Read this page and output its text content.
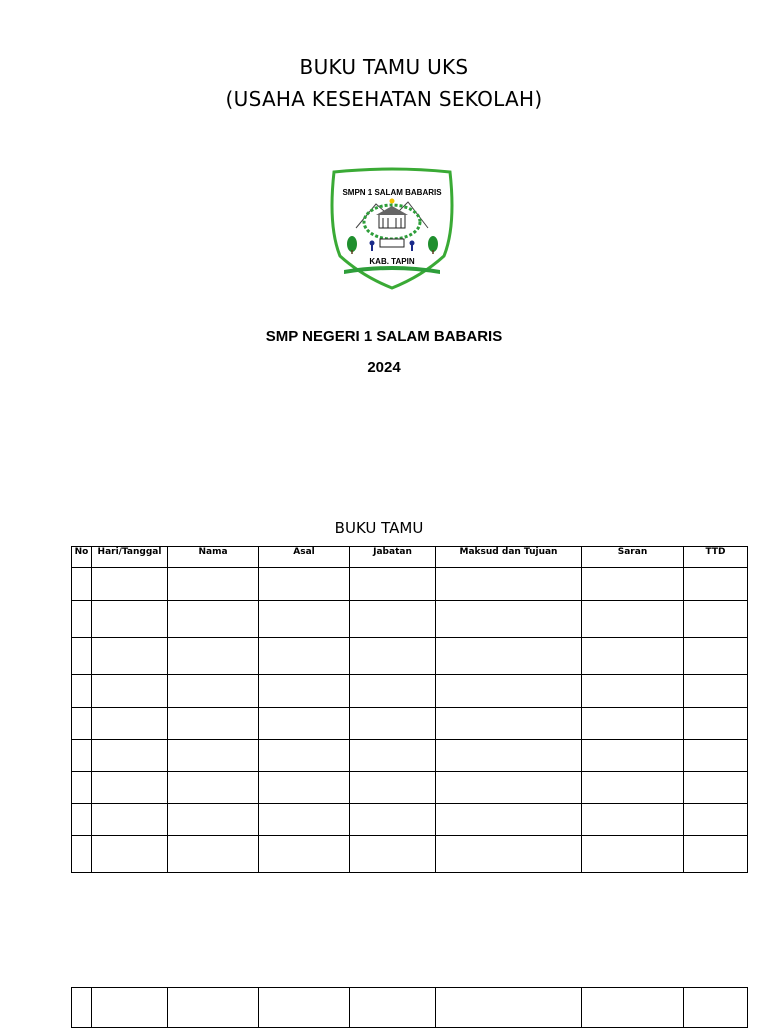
BUKU TAMU UKS
(USAHA KESEHATAN SEKOLAH)
SMPN 1 SALAM BABARIS
KAB. TAPIN
SMP NEGERI 1 SALAM BABARIS
2024
BUKU TAMU
No	Hari/Tanggal	Nama	Asal	Jabatan	Maksud dan Tujuan	Saran	TTD
